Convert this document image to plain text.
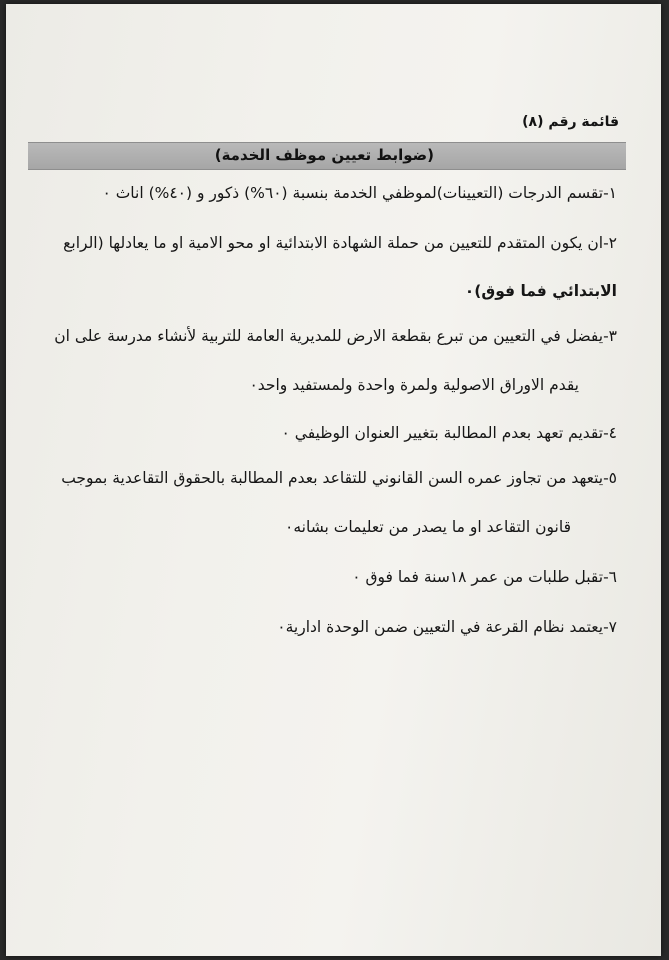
قائمة رقم (٨)
(ضوابط تعيين موظف الخدمة)
١-تقسم الدرجات (التعيينات)لموظفي الخدمة بنسبة (٦٠%) ذكور و (٤٠%) اناث ٠
٢-ان يكون المتقدم للتعيين من حملة الشهادة الابتدائية او محو الامية او ما يعادلها (الرابع
الابتدائي فما فوق)٠
٣-يفضل في التعيين من تبرع بقطعة الارض للمديرية العامة للتربية لأنشاء مدرسة على ان
يقدم الاوراق الاصولية ولمرة واحدة ولمستفيد واحد٠
٤-تقديم تعهد بعدم المطالبة بتغيير العنوان الوظيفي ٠
٥-يتعهد من تجاوز عمره السن القانوني للتقاعد بعدم المطالبة بالحقوق التقاعدية بموجب
قانون التقاعد او ما يصدر من تعليمات بشانه٠
٦-تقبل طلبات من عمر ١٨سنة فما فوق ٠
٧-يعتمد نظام القرعة في التعيين ضمن الوحدة ادارية٠
